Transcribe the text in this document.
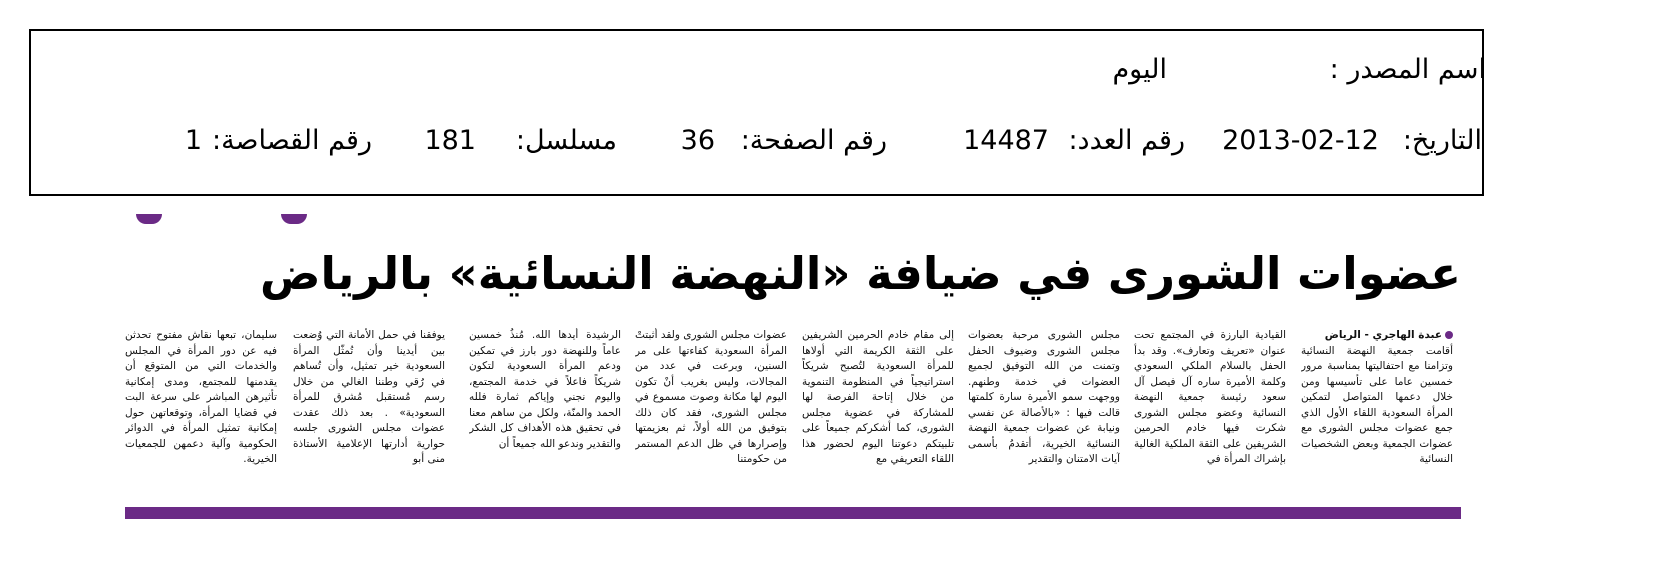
اسم المصدر :
اليوم
التاريخ:
2013-02-12
رقم العدد:
14487
رقم الصفحة:
36
مسلسل:
181
رقم القصاصة:
1
عضوات الشورى في ضيافة «النهضة النسائية» بالرياض
عبدة الهاجري - الرياض
أقامت جمعية النهضة النسائية وتزامنا مع احتفاليتها بمناسبة مرور خمسين عاما على تأسيسها ومن خلال دعمها المتواصل لتمكين المرأة السعودية اللقاء الأول الذي جمع عضوات مجلس الشورى مع عضوات الجمعية وبعض الشخصيات النسائية
القيادية البارزة في المجتمع تحت عنوان «تعريف وتعارف». وقد بدأ الحفل بالسلام الملكي السعودي وكلمة الأميرة ساره آل فيصل آل سعود رئيسة جمعية النهضة النسائية وعضو مجلس الشورى شكرت فيها خادم الحرمين الشريفين على الثقة الملكية الغالية بإشراك المرأة في
مجلس الشورى مرحبة بعضوات مجلس الشورى وضيوف الحفل وتمنت من الله التوفيق لجميع العضوات في خدمة وطنهم. ووجهت سمو الأميرة سارة كلمتها قالت فيها : «بالأصالة عن نفسي ونيابة عن عضوات جمعية النهضة النسائية الخيرية، أتقدمُ بأسمى آيات الامتنان والتقدير
إلى مقام خادم الحرمين الشريفين على الثقة الكريمة التي أولاها للمرأة السعودية لتُصبح شريكاً استراتيجياً في المنظومة التنموية من خلال إتاحة الفرصة لها للمشاركة في عضوية مجلس الشورى، كما أشكركم جميعاً على تلبيتكم دعوتنا اليوم لحضور هذا اللقاء التعريفي مع
عضوات مجلس الشورى ولقد أثبتتْ المرأة السعودية كفاءتها على مر السنين، وبرعت في عدد من المجالات، وليس بغريب أنْ تكون اليوم لها مكانة وصوت مسموع في مجلس الشورى، فقد كان ذلك بتوفيق من الله أولاً، ثم بعزيمتها وإصرارها في ظل الدعم المستمر من حكومتنا
الرشيدة أيدها الله. مُنذُ خمسين عاماً وللنهضة دور بارز في تمكين ودعم المرأة السعودية لتكون شريكاً فاعلاً في خدمة المجتمع، واليوم نجني وإياكم ثمارة فلله الحمد والمنّة، ولكل من ساهم معنا في تحقيق هذه الأهداف كل الشكر والتقدير وندعو الله جميعاً أن
يوفقنا في حمل الأمانة التي وُضعت بين أيدينا وأن تُمثّل المرأة السعودية خير تمثيل، وأن تُساهم في رُقي وطننا الغالي من خلال رسم مُستقبل مُشرق للمرأة السعودية» . بعد ذلك عقدت عضوات مجلس الشورى جلسه حوارية أدارتها الإعلامية الأستاذة منى أبو
سليمان، تبعها نقاش مفتوح تحدثن فيه عن دور المرأة في المجلس والخدمات التي من المتوقع أن يقدمنها للمجتمع، ومدى إمكانية تأثيرهن المباشر على سرعة البت في قضايا المرأة، وتوقعاتهن حول إمكانية تمثيل المرأة في الدوائر الحكومية وآلية دعمهن للجمعيات الخيرية.
